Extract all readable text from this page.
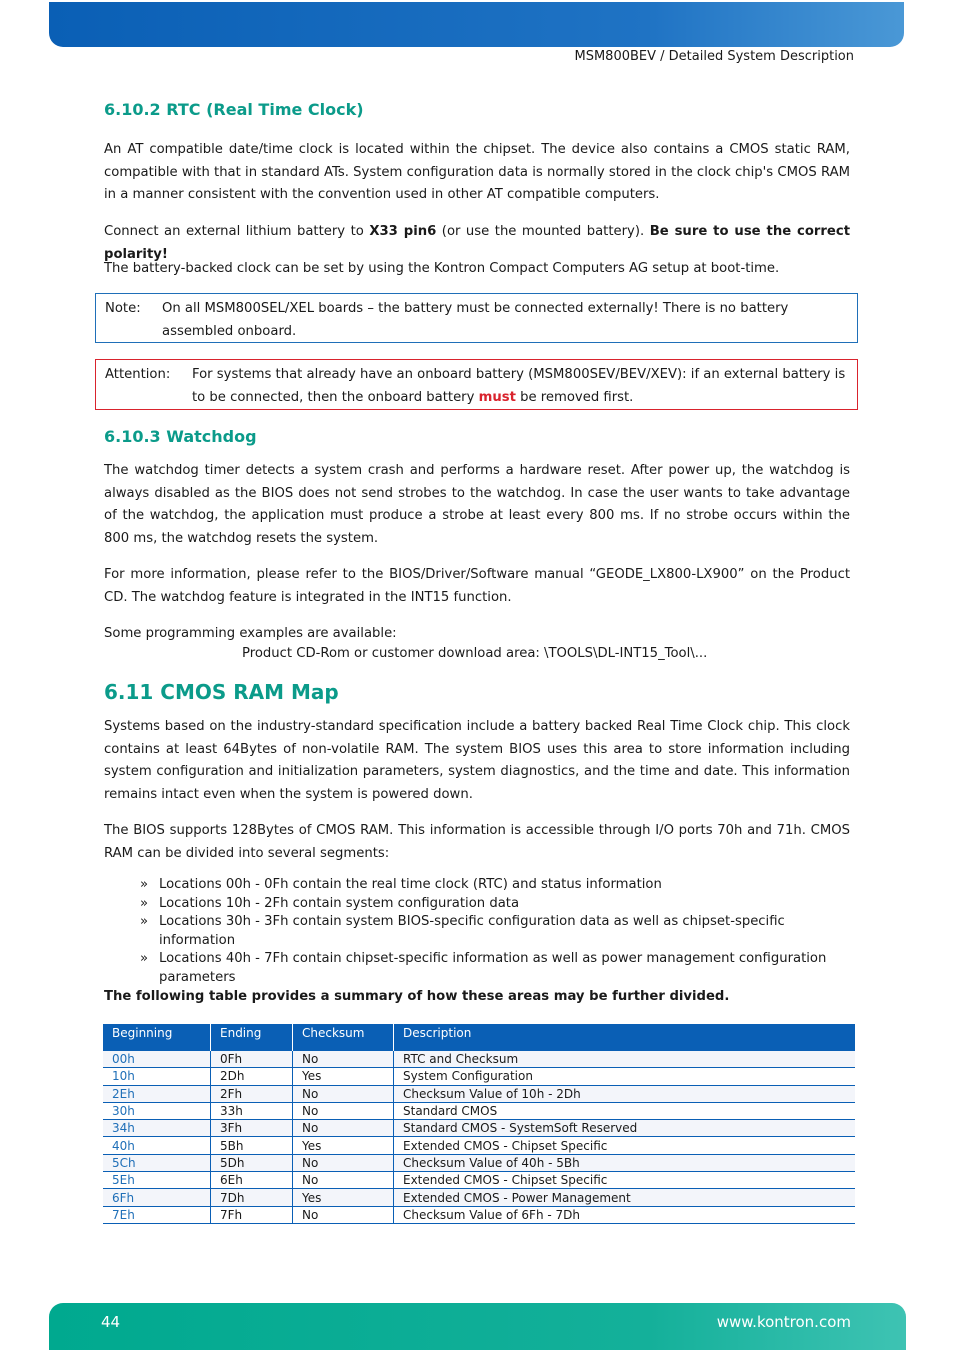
MSM800BEV / Detailed System Description
6.10.2 RTC (Real Time Clock)

An AT compatible date/time clock is located within the chipset. The device also contains a CMOS static RAM, compatible with that in standard ATs. System configuration data is normally stored in the clock chip's CMOS RAM in a manner consistent with the convention used in other AT compatible computers.

Connect an external lithium battery to X33 pin6 (or use the mounted battery). Be sure to use the correct polarity!

The battery-backed clock can be set by using the Kontron Compact Computers AG setup at boot-time.

Note: On all MSM800SEL/XEL boards – the battery must be connected externally! There is no battery assembled onboard.
Attention: For systems that already have an onboard battery (MSM800SEV/BEV/XEV): if an external battery is to be connected, then the onboard battery must be removed first.
6.10.3 Watchdog

The watchdog timer detects a system crash and performs a hardware reset. After power up, the watchdog is always disabled as the BIOS does not send strobes to the watchdog. In case the user wants to take advantage of the watchdog, the application must produce a strobe at least every 800 ms. If no strobe occurs within the 800 ms, the watchdog resets the system.

For more information, please refer to the BIOS/Driver/Software manual “GEODE_LX800-LX900” on the Product CD. The watchdog feature is integrated in the INT15 function.

Some programming examples are available:

Product CD-Rom or customer download area: \TOOLS\DL-INT15_Tool\...
6.11 CMOS RAM Map

Systems based on the industry-standard specification include a battery backed Real Time Clock chip. This clock contains at least 64Bytes of non-volatile RAM. The system BIOS uses this area to store information including system configuration and initialization parameters, system diagnostics, and the time and date. This information remains intact even when the system is powered down.

The BIOS supports 128Bytes of CMOS RAM. This information is accessible through I/O ports 70h and 71h. CMOS RAM can be divided into several segments:

» Locations 00h - 0Fh contain the real time clock (RTC) and status information
» Locations 10h - 2Fh contain system configuration data
» Locations 30h - 3Fh contain system BIOS-specific configuration data as well as chipset-specific information
» Locations 40h - 7Fh contain chipset-specific information as well as power management configuration parameters
The following table provides a summary of how these areas may be further divided.
Beginning	Ending	Checksum	Description
00h	0Fh	No	RTC and Checksum
10h	2Dh	Yes	System Configuration
2Eh	2Fh	No	Checksum Value of 10h - 2Dh
30h	33h	No	Standard CMOS
34h	3Fh	No	Standard CMOS - SystemSoft Reserved
40h	5Bh	Yes	Extended CMOS - Chipset Specific
5Ch	5Dh	No	Checksum Value of 40h - 5Bh
5Eh	6Eh	No	Extended CMOS - Chipset Specific
6Fh	7Dh	Yes	Extended CMOS - Power Management
7Eh	7Fh	No	Checksum Value of 6Fh - 7Dh
44	www.kontron.com
